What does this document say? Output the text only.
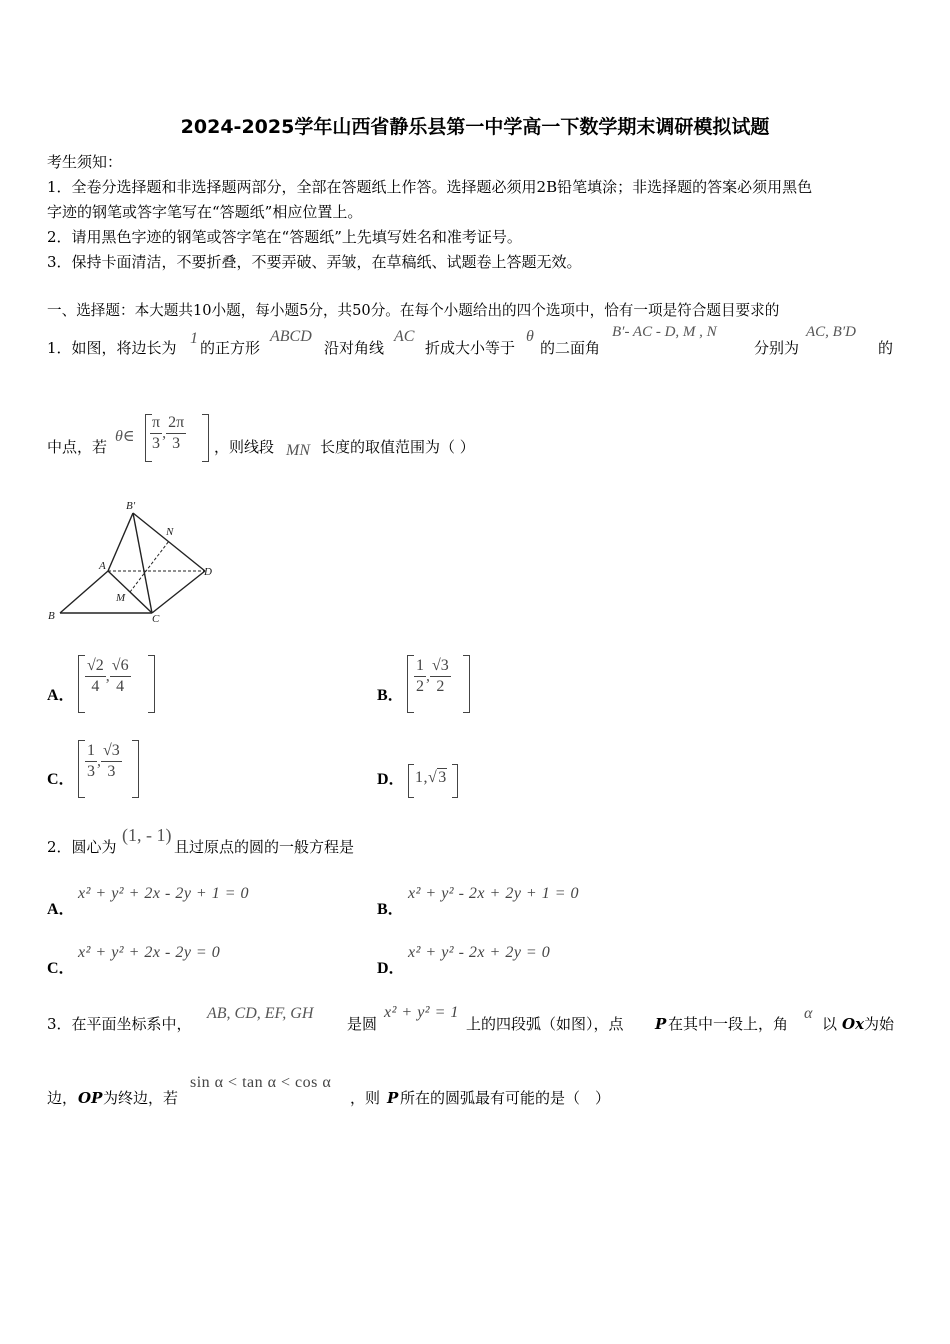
2024-2025学年山西省静乐县第一中学高一下数学期末调研模拟试题
考生须知：
1．全卷分选择题和非选择题两部分，全部在答题纸上作答。选择题必须用2B铅笔填涂；非选择题的答案必须用黑色
字迹的钢笔或答字笔写在“答题纸”相应位置上。
2．请用黑色字迹的钢笔或答字笔在“答题纸”上先填写姓名和准考证号。
3．保持卡面清洁，不要折叠，不要弄破、弄皱，在草稿纸、试题卷上答题无效。
一、选择题：本大题共10小题，每小题5分，共50分。在每个小题给出的四个选项中，恰有一项是符合题目要求的
1．如图，将边长为
1
的正方形
ABCD
沿对角线
AC
折成大小等于
θ
的二面角
B′- AC - D, M , N
分别为
AC, B′D
的
中点，若
θ∈ $\frac{\pi}{3}$ , $\frac{2\pi}{3}$ ，则线段 MN 长度的取值范围为（ ）
B′
N
A	D
M
B	C
A． $\frac{√2}{4}$ , $\frac{√6}{4}$	B． $\frac{1}{2}$ , $\frac{√3}{2}$
C． $\frac{1}{3}$ , $\frac{√3}{3}$	D． 1,√3
2．圆心为
(1, - 1)
且过原点的圆的一般方程是
A．
x² + y² + 2x - 2y + 1 = 0
B．
x² + y² - 2x + 2y + 1 = 0
C．
x² + y² + 2x - 2y = 0
D．
x² + y² - 2x + 2y = 0
3．在平面坐标系中，
AB, CD, EF, GH
是圆
x² + y² = 1
上的四段弧（如图），点 P 在其中一段上，角
α
以 Ox 为始
边， OP 为终边，若
sin α < tan α < cos α
，则 P 所在的圆弧最有可能的是（　）
